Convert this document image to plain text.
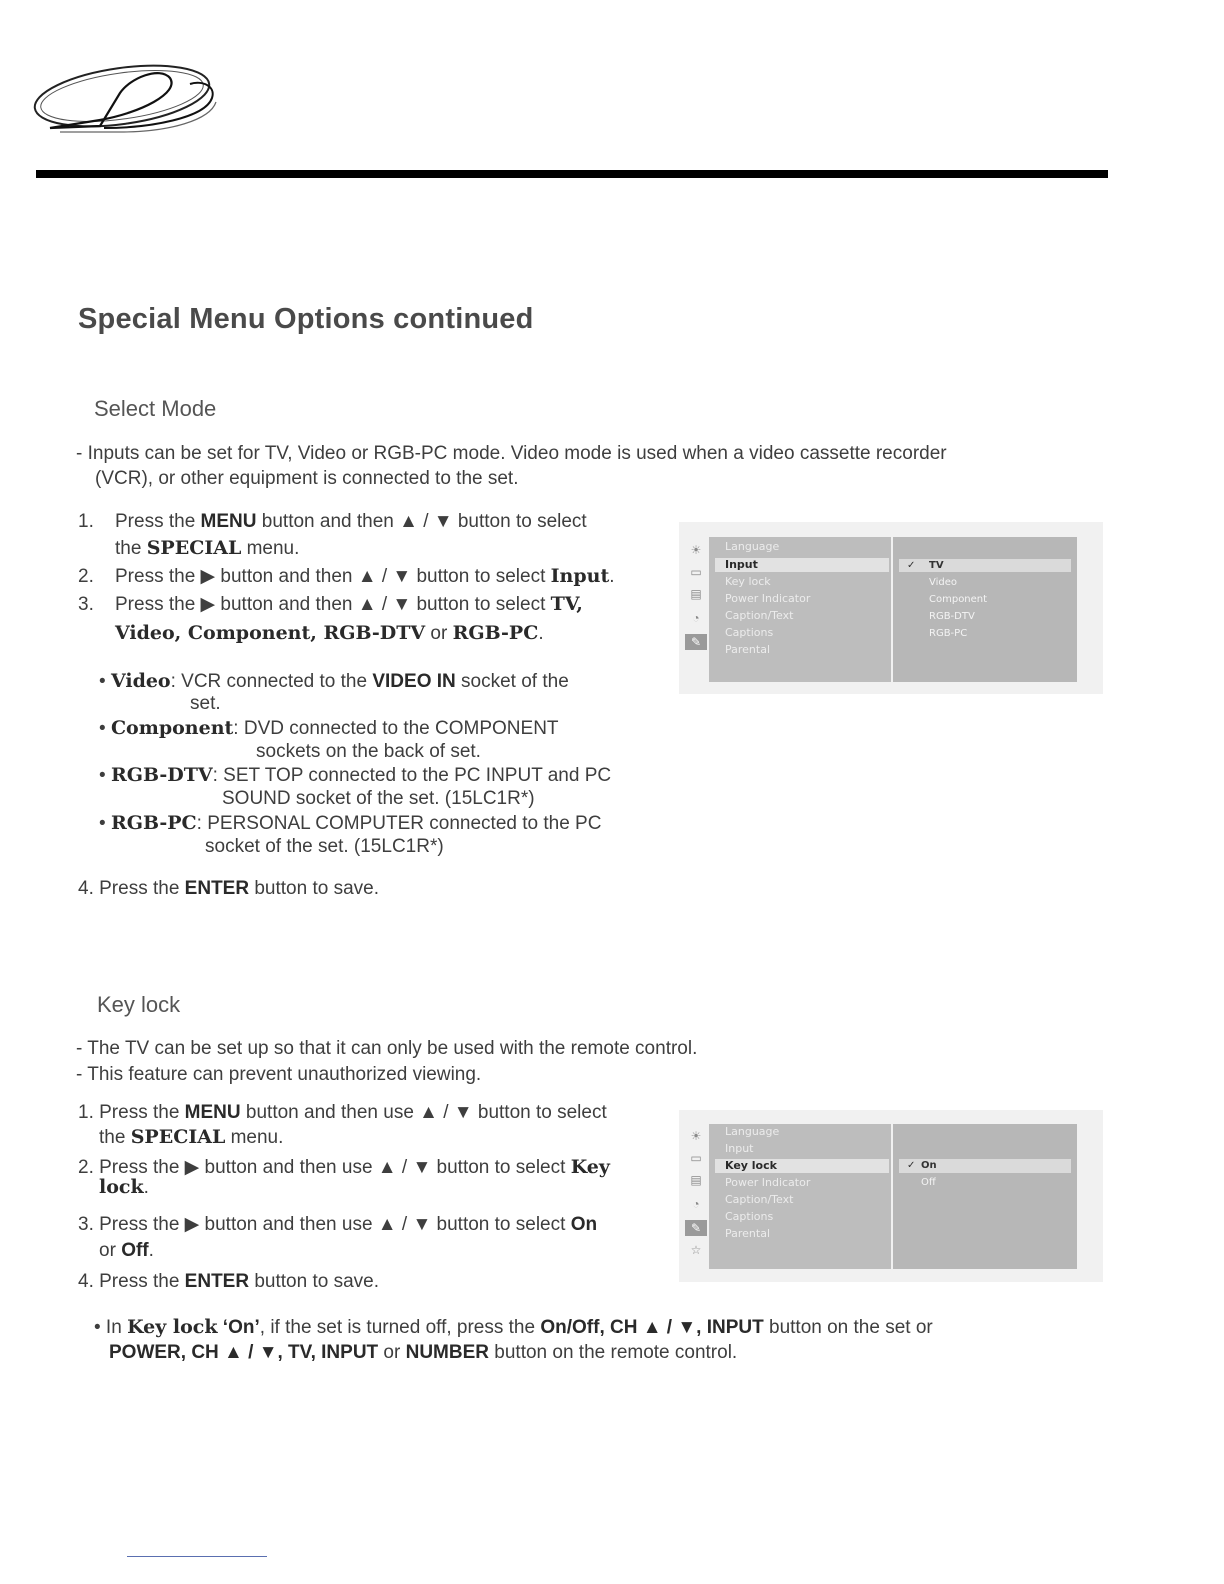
Special Menu Options continued
Select Mode
- Inputs can be set for TV, Video or RGB-PC mode. Video mode is used when a video cassette recorder
(VCR), or other equipment is connected to the set.
1. Press the MENU button and then ▲ / ▼ button to select
the SPECIAL menu.
2. Press the ▶ button and then ▲ / ▼ button to select Input.
3. Press the ▶ button and then ▲ / ▼ button to select TV,
Video, Component, RGB-DTV or RGB-PC.
• Video: VCR connected to the VIDEO IN socket of the
set.
• Component: DVD connected to the COMPONENT
sockets on the back of set.
• RGB-DTV: SET TOP connected to the PC INPUT and PC
SOUND socket of the set. (15LC1R*)
• RGB-PC: PERSONAL COMPUTER connected to the PC
socket of the set. (15LC1R*)
4. Press the ENTER button to save.
☀
▭
▤
◔
✎
Language
Input
Key lock
Power Indicator
Caption/Text
Captions
Parental
✓ TV
Video
Component
RGB-DTV
RGB-PC
Key lock
- The TV can be set up so that it can only be used with the remote control.
- This feature can prevent unauthorized viewing.
1. Press the MENU button and then use ▲ / ▼ button to select
the SPECIAL menu.
2. Press the ▶ button and then use ▲ / ▼ button to select Key
lock.
3. Press the ▶ button and then use ▲ / ▼ button to select On
or Off.
4. Press the ENTER button to save.
• In Key lock ‘On’, if the set is turned off, press the On/Off, CH ▲ / ▼, INPUT button on the set or
POWER, CH ▲ / ▼, TV, INPUT or NUMBER button on the remote control.
☀
▭
▤
◔
✎
☆
Language
Input
Key lock
Power Indicator
Caption/Text
Captions
Parental
✓ On
Off
